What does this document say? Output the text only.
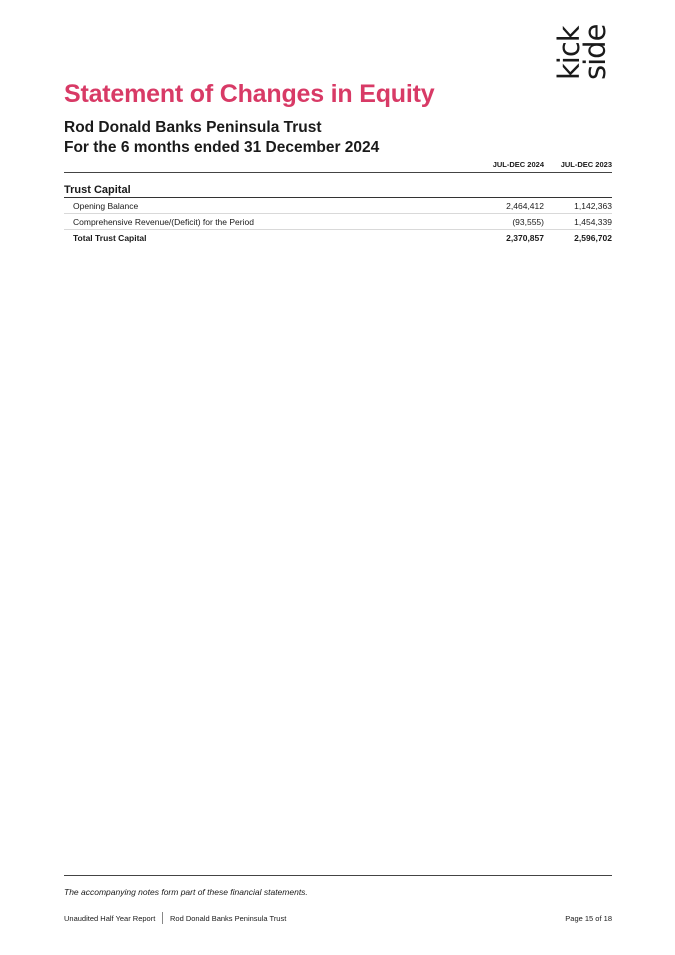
kick
side
Statement of Changes in Equity
Rod Donald Banks Peninsula Trust
For the 6 months ended 31 December 2024
JUL-DEC 2024	JUL-DEC 2023
Trust Capital
Opening Balance	2,464,412	1,142,363
Comprehensive Revenue/(Deficit) for the Period	(93,555)	1,454,339
Total Trust Capital	2,370,857	2,596,702
The accompanying notes form part of these financial statements.
Unaudited Half Year Report Rod Donald Banks Peninsula Trust	Page 15 of 18
